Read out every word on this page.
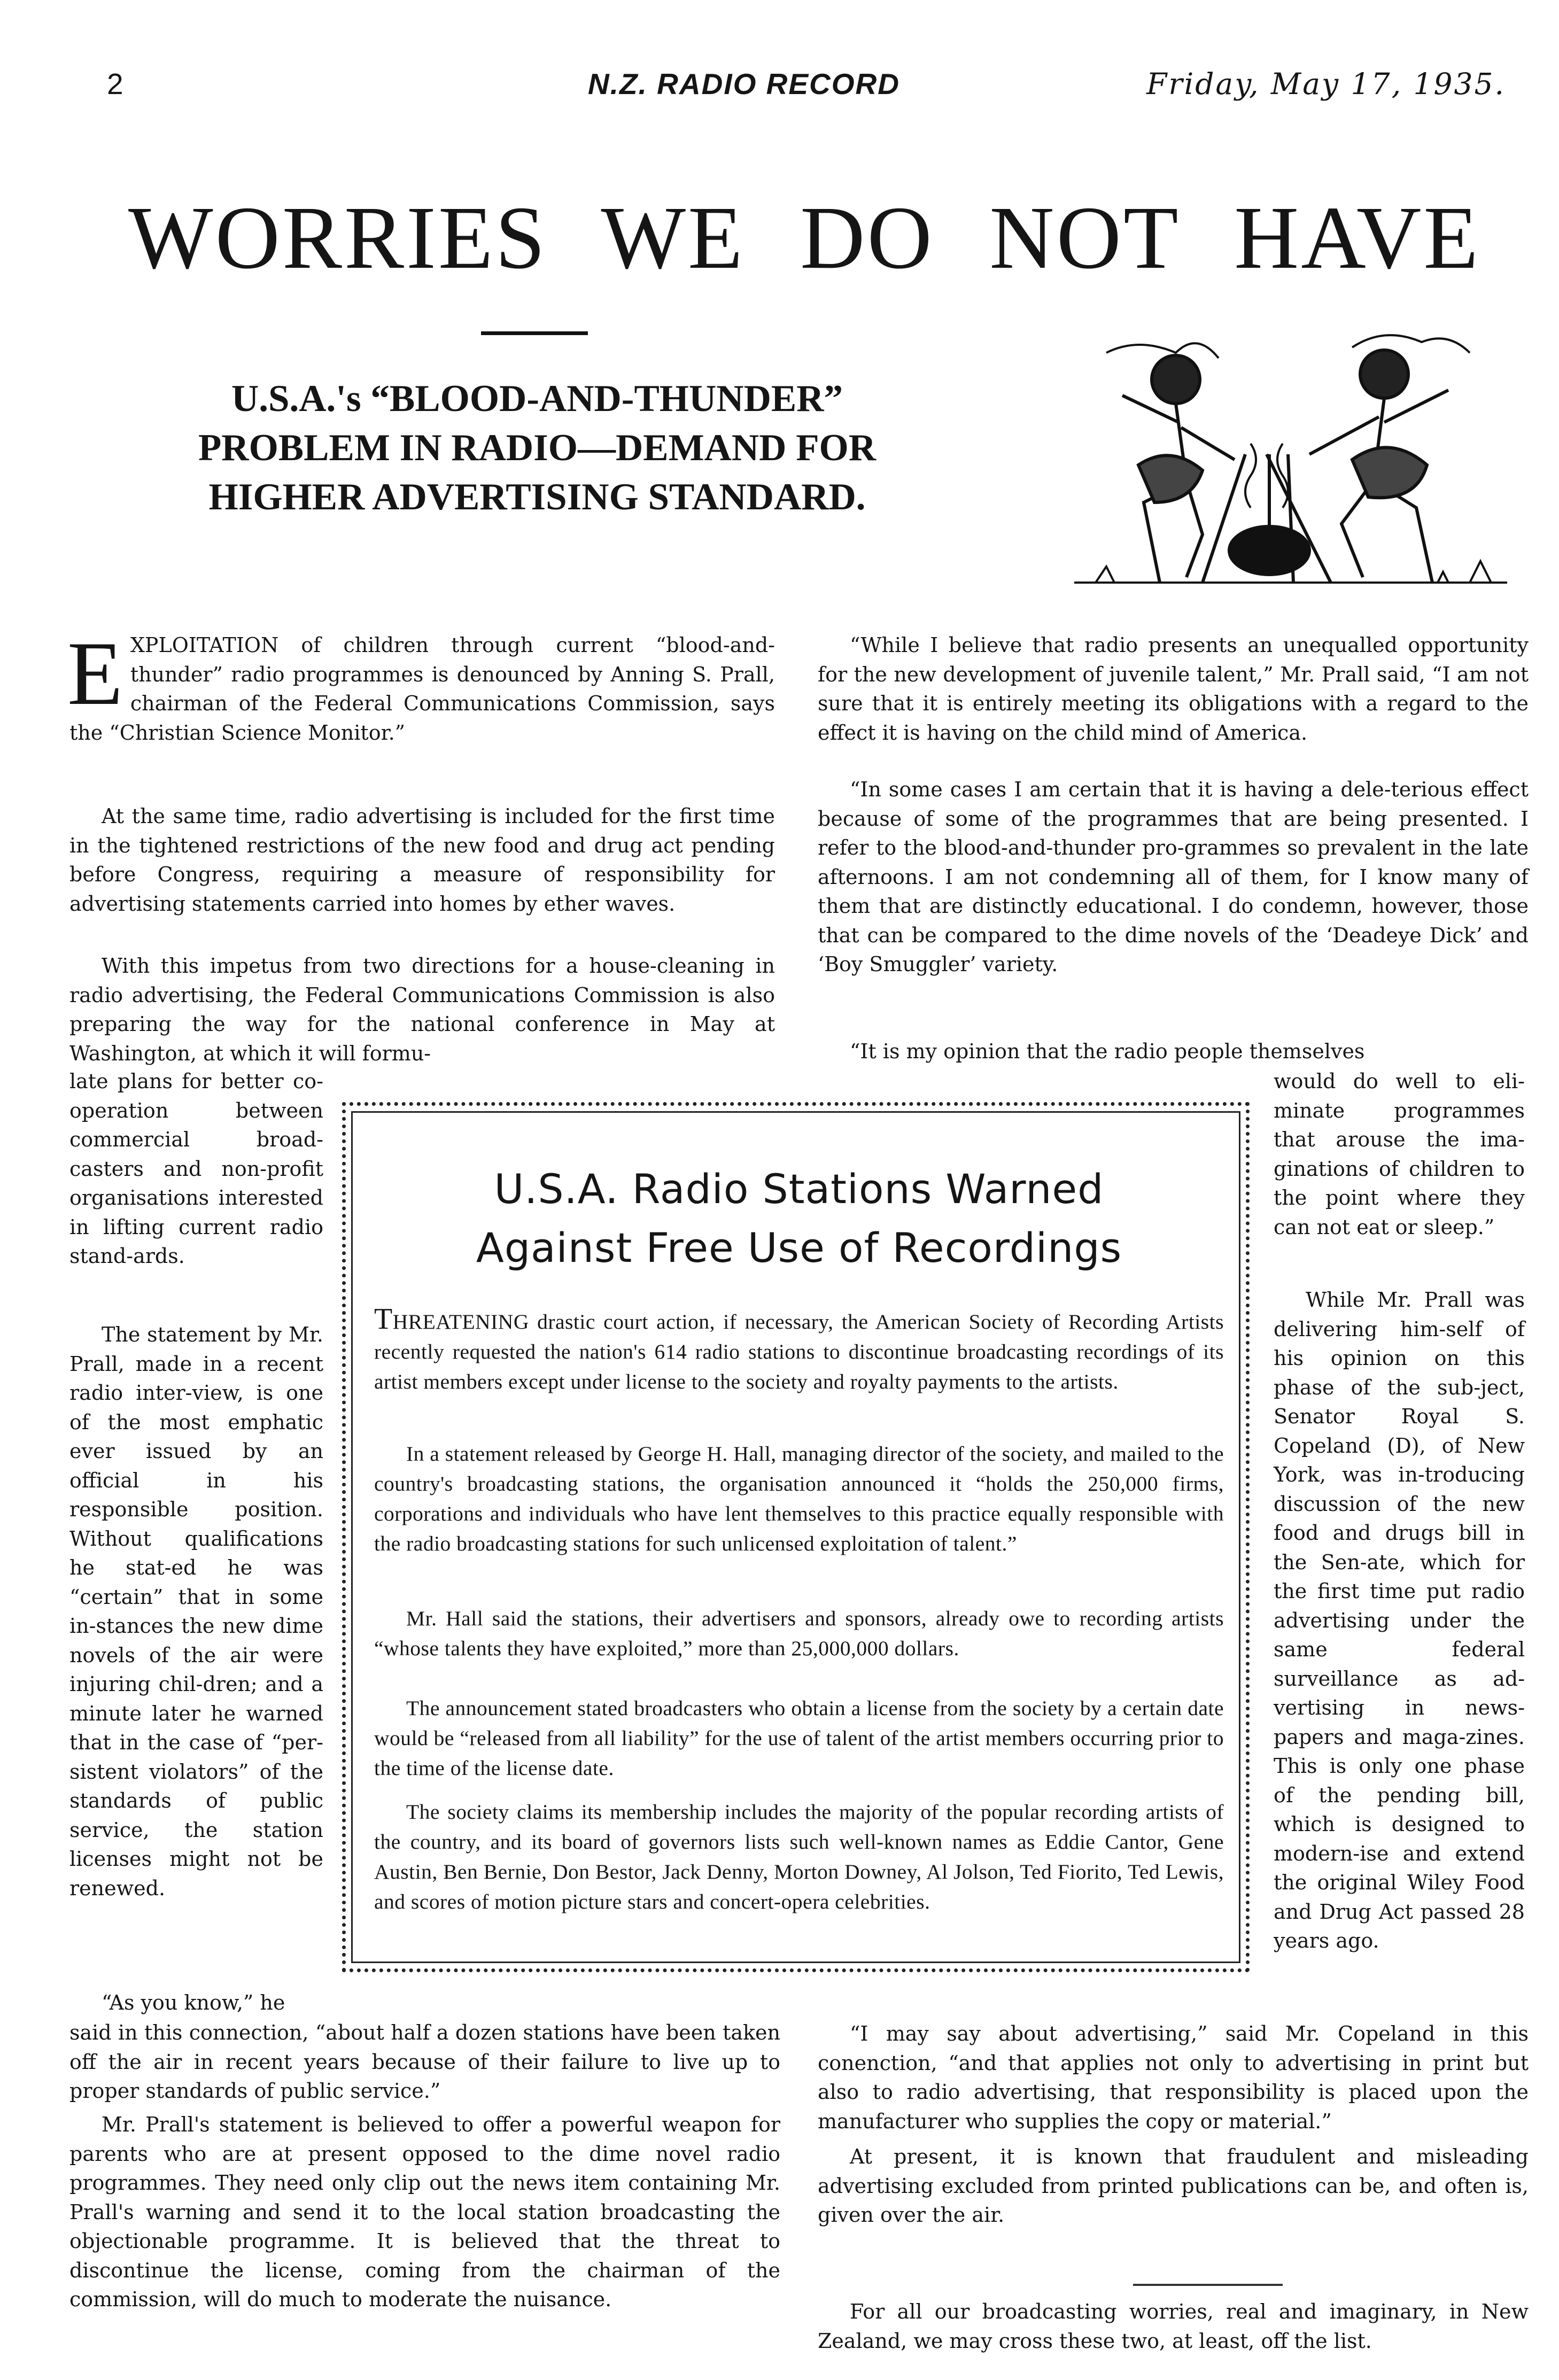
2	N.Z. RADIO RECORD	Friday, May 17, 1935.
WORRIES WE DO NOT HAVE
U.S.A.'s “BLOOD-AND-THUNDER” PROBLEM IN RADIO—DEMAND FOR HIGHER ADVERTISING STANDARD.
EXPLOITATION of children through current “blood-and-thunder” radio programmes is denounced by Anning S. Prall, chairman of the Federal Communications Commission, says the “Christian Science Monitor.”

At the same time, radio advertising is included for the first time in the tightened restrictions of the new food and drug act pending before Congress, requiring a measure of responsibility for advertising statements carried into homes by ether waves.

With this impetus from two directions for a house-cleaning in radio advertising, the Federal Communications Commission is also preparing the way for the national conference in May at Washington, at which it will formu-

late plans for better co-operation between commercial broad-casters and non-profit organisations interested in lifting current radio stand-ards.

The statement by Mr. Prall, made in a recent radio inter-view, is one of the most emphatic ever issued by an official in his responsible position. Without qualifications he stat-ed he was “certain” that in some in-stances the new dime novels of the air were injuring chil-dren; and a minute later he warned that in the case of “per-sistent violators” of the standards of public service, the station licenses might not be renewed.

“As you know,” he

said in this connection, “about half a dozen stations have been taken off the air in recent years because of their failure to live up to proper standards of public service.”

Mr. Prall's statement is believed to offer a powerful weapon for parents who are at present opposed to the dime novel radio programmes. They need only clip out the news item containing Mr. Prall's warning and send it to the local station broadcasting the objectionable programme. It is believed that the threat to discontinue the license, coming from the chairman of the commission, will do much to moderate the nuisance.

“While I believe that radio presents an unequalled opportunity for the new development of juvenile talent,” Mr. Prall said, “I am not sure that it is entirely meeting its obligations with a regard to the effect it is having on the child mind of America.

“In some cases I am certain that it is having a dele-terious effect because of some of the programmes that are being presented. I refer to the blood-and-thunder pro-grammes so prevalent in the late afternoons. I am not condemning all of them, for I know many of them that are distinctly educational. I do condemn, however, those that can be compared to the dime novels of the ‘Deadeye Dick’ and ‘Boy Smuggler’ variety.

“It is my opinion that the radio people themselves

would do well to eli-minate programmes that arouse the ima-ginations of children to the point where they can not eat or sleep.”

While Mr. Prall was delivering him-self of his opinion on this phase of the sub-ject, Senator Royal S. Copeland (D), of New York, was in-troducing discussion of the new food and drugs bill in the Sen-ate, which for the first time put radio advertising under the same federal surveillance as ad-vertising in news-papers and maga-zines. This is only one phase of the pending bill, which is designed to modern-ise and extend the original Wiley Food and Drug Act passed 28 years ago.

“I may say about advertising,” said Mr. Copeland in this conenction, “and that applies not only to advertising in print but also to radio advertising, that responsibility is placed upon the manufacturer who supplies the copy or material.”

At present, it is known that fraudulent and misleading advertising excluded from printed publications can be, and often is, given over the air.

For all our broadcasting worries, real and imaginary, in New Zealand, we may cross these two, at least, off the list.

U.S.A. Radio Stations Warned
Against Free Use of Recordings
THREATENING drastic court action, if necessary, the American Society of Recording Artists recently requested the nation's 614 radio stations to discontinue broadcasting recordings of its artist members except under license to the society and royalty payments to the artists.

In a statement released by George H. Hall, managing director of the society, and mailed to the country's broadcasting stations, the organisation announced it “holds the 250,000 firms, corporations and individuals who have lent themselves to this practice equally responsible with the radio broadcasting stations for such unlicensed exploitation of talent.”

Mr. Hall said the stations, their advertisers and sponsors, already owe to recording artists “whose talents they have exploited,” more than 25,000,000 dollars.

The announcement stated broadcasters who obtain a license from the society by a certain date would be “released from all liability” for the use of talent of the artist members occurring prior to the time of the license date.

The society claims its membership includes the majority of the popular recording artists of the country, and its board of governors lists such well-known names as Eddie Cantor, Gene Austin, Ben Bernie, Don Bestor, Jack Denny, Morton Downey, Al Jolson, Ted Fiorito, Ted Lewis, and scores of motion picture stars and concert-opera celebrities.
